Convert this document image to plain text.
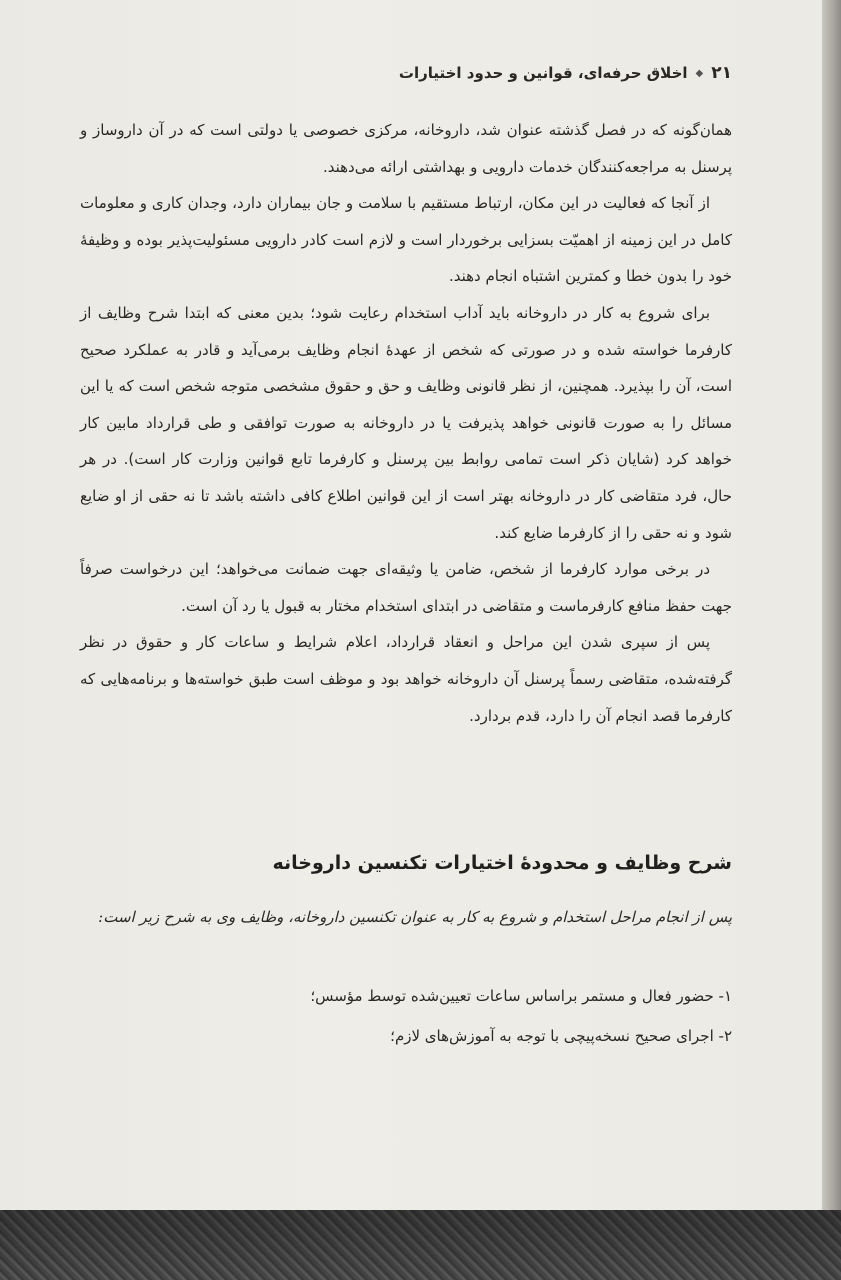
۲۱
◆
اخلاق حرفه‌ای، قوانین و حدود اختیارات

همان‌گونه که در فصل گذشته عنوان شد، داروخانه، مرکزی خصوصی یا دولتی است که در آن داروساز و پرسنل به مراجعه‌کنندگان خدمات دارویی و بهداشتی ارائه می‌دهند.

از آنجا که فعالیت در این مکان، ارتباط مستقیم با سلامت و جان بیماران دارد، وجدان کاری و معلومات کامل در این زمینه از اهمیّت بسزایی برخوردار است و لازم است کادر دارویی مسئولیت‌پذیر بوده و وظیفهٔ خود را بدون خطا و کمترین اشتباه انجام دهند.

برای شروع به کار در داروخانه باید آداب استخدام رعایت شود؛ بدین معنی که ابتدا شرح وظایف از کارفرما خواسته شده و در صورتی که شخص از عهدهٔ انجام وظایف برمی‌آید و قادر به عملکرد صحیح است، آن را بپذیرد. همچنین، از نظر قانونی وظایف و حق و حقوق مشخصی متوجه شخص است که یا این مسائل را به صورت قانونی خواهد پذیرفت یا در داروخانه به صورت توافقی و طی قرارداد مابین کار خواهد کرد (شایان ذکر است تمامی روابط بین پرسنل و کارفرما تابع قوانین وزارت کار است). در هر حال، فرد متقاضی کار در داروخانه بهتر است از این قوانین اطلاع کافی داشته باشد تا نه حقی از او ضایع شود و نه حقی را از کارفرما ضایع کند.

در برخی موارد کارفرما از شخص، ضامن یا وثیقه‌ای جهت ضمانت می‌خواهد؛ این درخواست صرفاً جهت حفظ منافع کارفرماست و متقاضی در ابتدای استخدام مختار به قبول یا رد آن است.

پس از سپری شدن این مراحل و انعقاد قرارداد، اعلام شرایط و ساعات کار و حقوق در نظر گرفته‌شده، متقاضی رسماً پرسنل آن داروخانه خواهد بود و موظف است طبق خواسته‌ها و برنامه‌هایی که کارفرما قصد انجام آن را دارد، قدم بردارد.

شرح وظایف و محدودهٔ اختیارات تکنسین داروخانه
پس از انجام مراحل استخدام و شروع به کار به عنوان تکنسین داروخانه، وظایف وی به شرح زیر است:
۱- حضور فعال و مستمر براساس ساعات تعیین‌شده توسط مؤسس؛
۲- اجرای صحیح نسخه‌پیچی با توجه به آموزش‌های لازم؛
